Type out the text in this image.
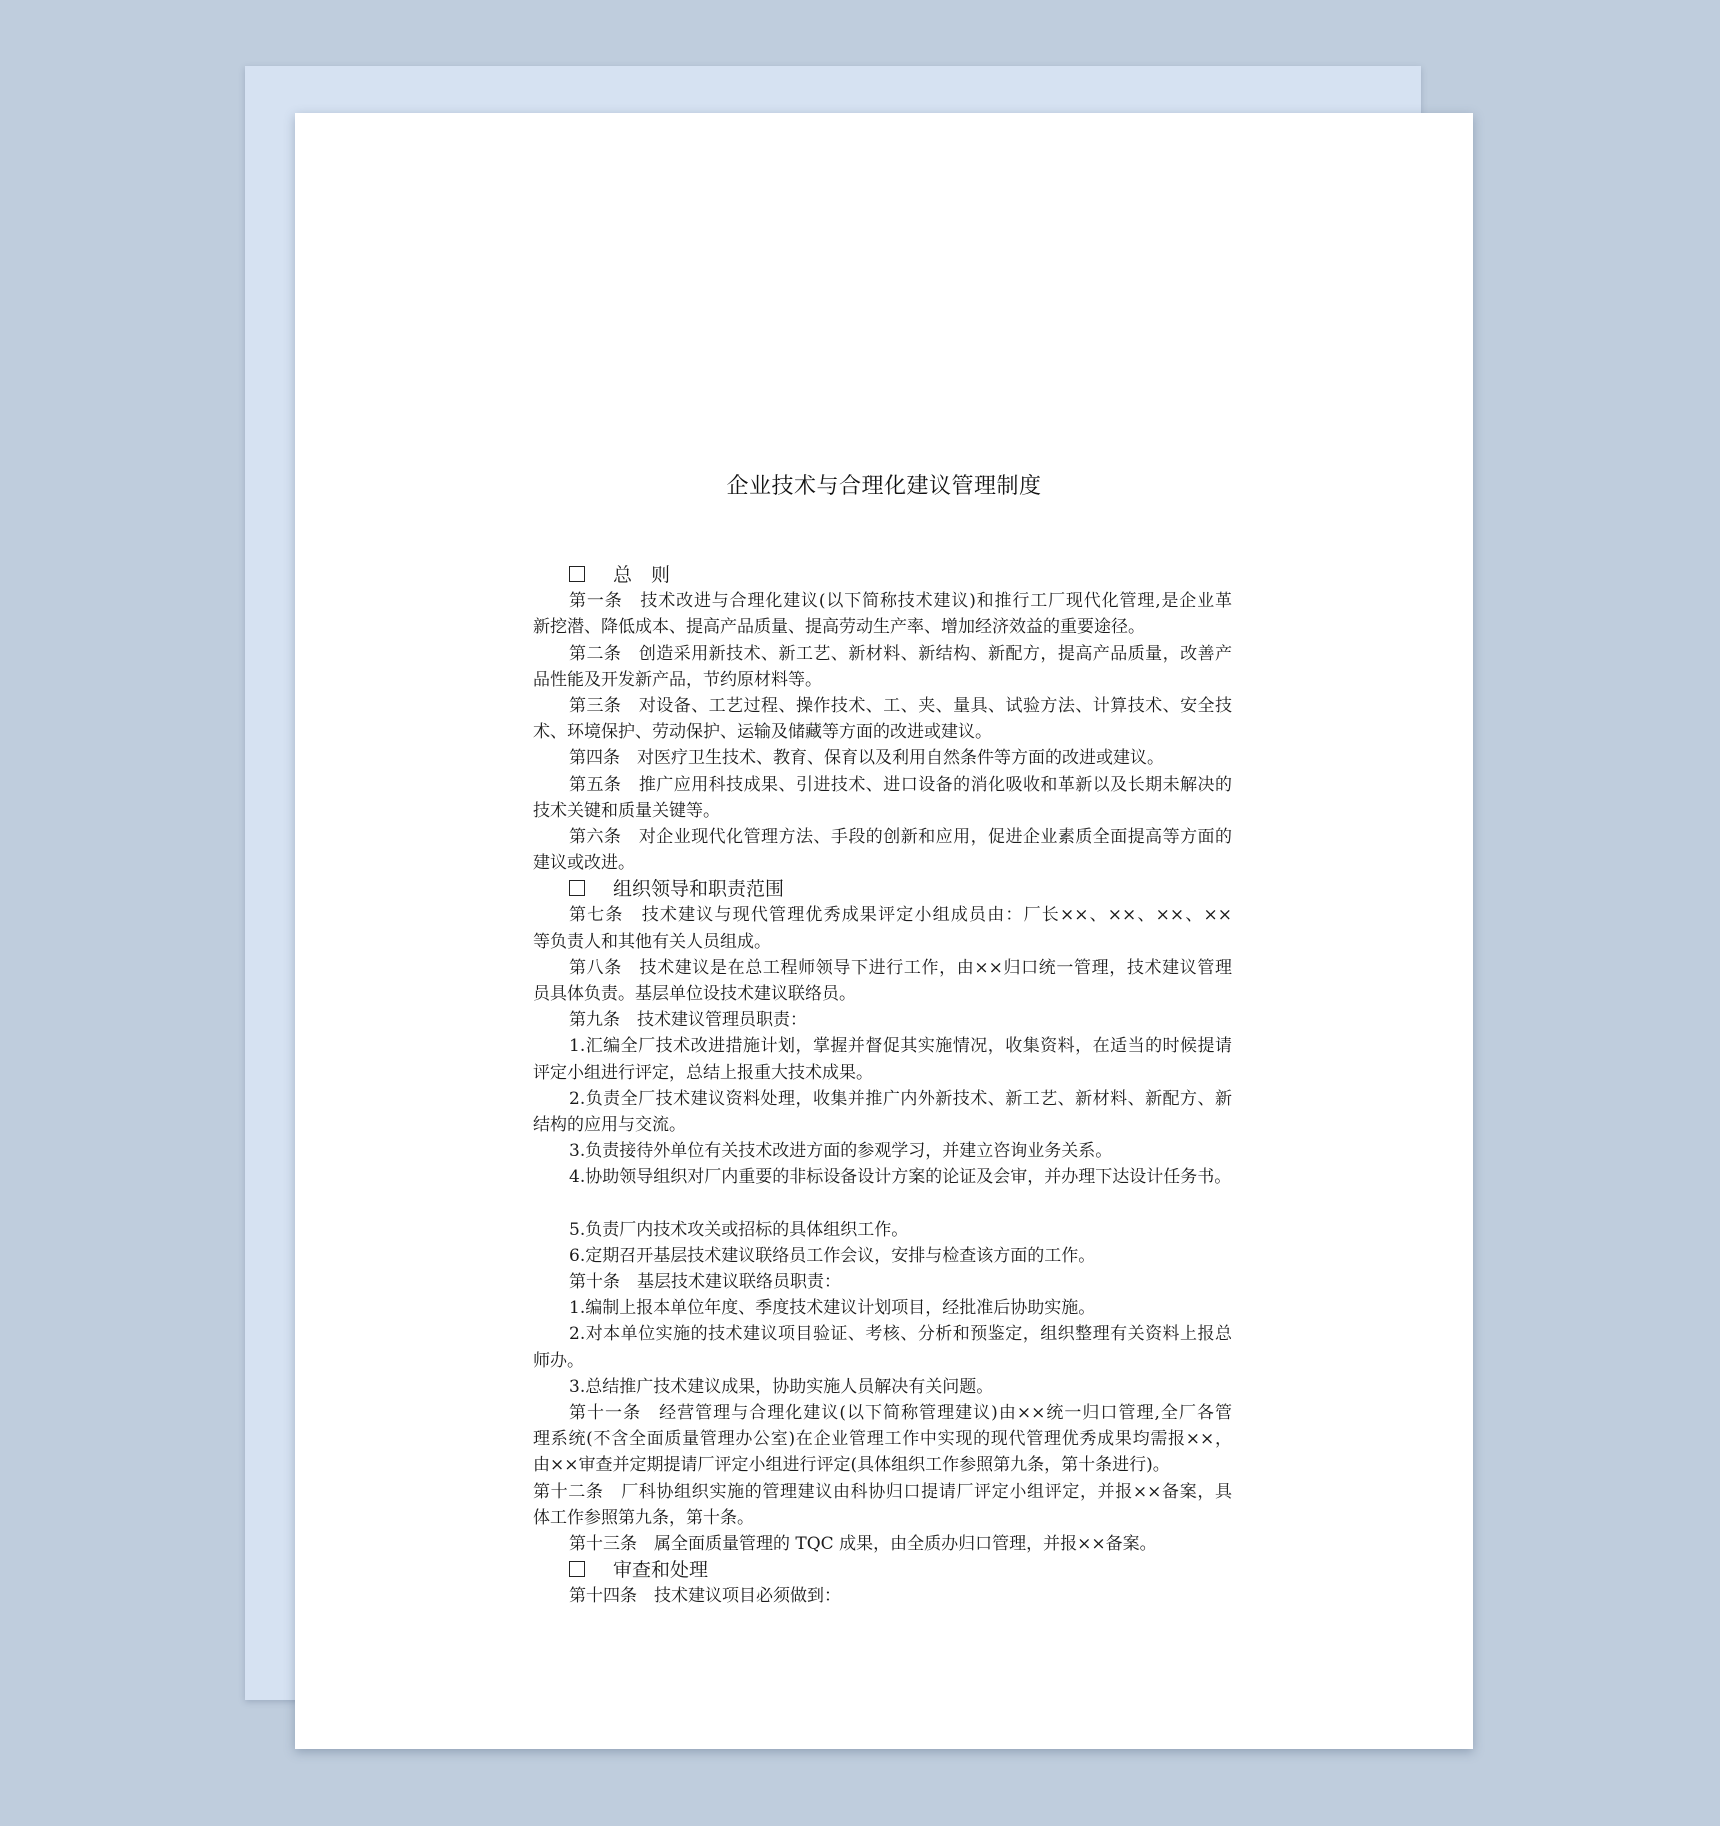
企业技术与合理化建议管理制度
总　则
第一条　技术改进与合理化建议(以下简称技术建议)和推行工厂现代化管理,是企业革
新挖潜、降低成本、提高产品质量、提高劳动生产率、增加经济效益的重要途径。
第二条　创造采用新技术、新工艺、新材料、新结构、新配方，提高产品质量，改善产
品性能及开发新产品，节约原材料等。
第三条　对设备、工艺过程、操作技术、工、夹、量具、试验方法、计算技术、安全技
术、环境保护、劳动保护、运输及储藏等方面的改进或建议。
第四条　对医疗卫生技术、教育、保育以及利用自然条件等方面的改进或建议。
第五条　推广应用科技成果、引进技术、进口设备的消化吸收和革新以及长期未解决的
技术关键和质量关键等。
第六条　对企业现代化管理方法、手段的创新和应用，促进企业素质全面提高等方面的
建议或改进。
组织领导和职责范围
第七条　技术建议与现代管理优秀成果评定小组成员由：厂长××、××、××、××
等负责人和其他有关人员组成。
第八条　技术建议是在总工程师领导下进行工作，由××归口统一管理，技术建议管理
员具体负责。基层单位设技术建议联络员。
第九条　技术建议管理员职责：
1.汇编全厂技术改进措施计划，掌握并督促其实施情况，收集资料，在适当的时候提请
评定小组进行评定，总结上报重大技术成果。
2.负责全厂技术建议资料处理，收集并推广内外新技术、新工艺、新材料、新配方、新
结构的应用与交流。
3.负责接待外单位有关技术改进方面的参观学习，并建立咨询业务关系。
4.协助领导组织对厂内重要的非标设备设计方案的论证及会审，并办理下达设计任务书。
5.负责厂内技术攻关或招标的具体组织工作。
6.定期召开基层技术建议联络员工作会议，安排与检查该方面的工作。
第十条　基层技术建议联络员职责：
1.编制上报本单位年度、季度技术建议计划项目，经批准后协助实施。
2.对本单位实施的技术建议项目验证、考核、分析和预鉴定，组织整理有关资料上报总
师办。
3.总结推广技术建议成果，协助实施人员解决有关问题。
第十一条　经营管理与合理化建议(以下简称管理建议)由××统一归口管理,全厂各管
理系统(不含全面质量管理办公室)在企业管理工作中实现的现代管理优秀成果均需报××，
由××审查并定期提请厂评定小组进行评定(具体组织工作参照第九条，第十条进行)。
第十二条　厂科协组织实施的管理建议由科协归口提请厂评定小组评定，并报××备案，具
体工作参照第九条，第十条。
第十三条　属全面质量管理的 TQC 成果，由全质办归口管理，并报××备案。
审查和处理
第十四条　技术建议项目必须做到：
